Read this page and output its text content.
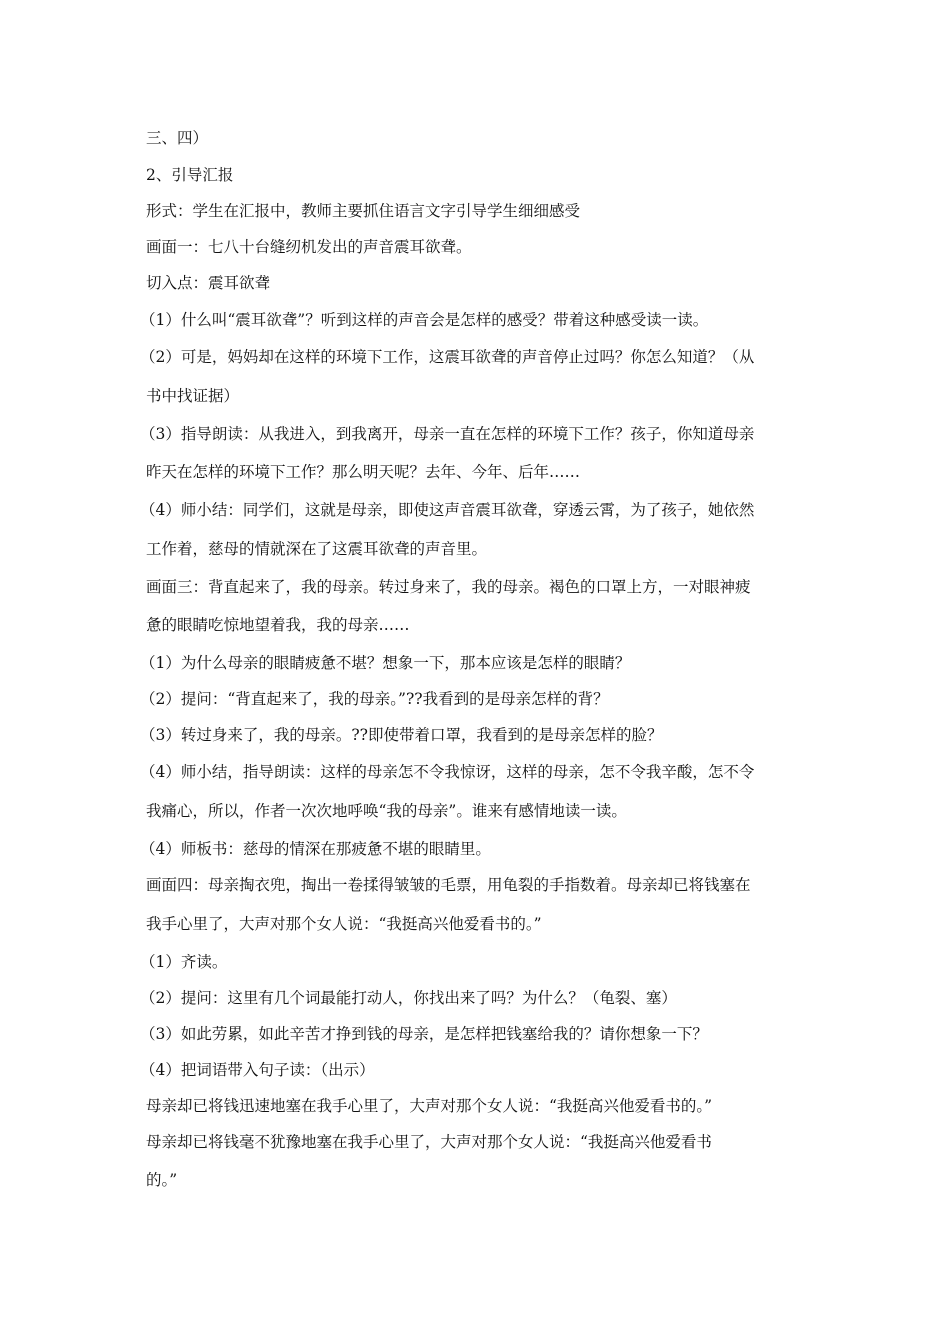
三、四）
2、引导汇报
形式：学生在汇报中，教师主要抓住语言文字引导学生细细感受
画面一：七八十台缝纫机发出的声音震耳欲聋。
切入点：震耳欲聋
（1）什么叫“震耳欲聋”？听到这样的声音会是怎样的感受？带着这种感受读一读。
（2）可是，妈妈却在这样的环境下工作，这震耳欲聋的声音停止过吗？你怎么知道？（从
书中找证据）
（3）指导朗读：从我进入，到我离开，母亲一直在怎样的环境下工作？孩子，你知道母亲
昨天在怎样的环境下工作？那么明天呢？去年、今年、后年……
（4）师小结：同学们，这就是母亲，即使这声音震耳欲聋，穿透云霄，为了孩子，她依然
工作着，慈母的情就深在了这震耳欲聋的声音里。
画面三：背直起来了，我的母亲。转过身来了，我的母亲。褐色的口罩上方，一对眼神疲
惫的眼睛吃惊地望着我，我的母亲……
（1）为什么母亲的眼睛疲惫不堪？想象一下，那本应该是怎样的眼睛？
（2）提问：“背直起来了，我的母亲。”??我看到的是母亲怎样的背？
（3）转过身来了，我的母亲。??即使带着口罩，我看到的是母亲怎样的脸？
（4）师小结，指导朗读：这样的母亲怎不令我惊讶，这样的母亲，怎不令我辛酸，怎不令
我痛心，所以，作者一次次地呼唤“我的母亲”。谁来有感情地读一读。
（4）师板书：慈母的情深在那疲惫不堪的眼睛里。
画面四：母亲掏衣兜，掏出一卷揉得皱皱的毛票，用龟裂的手指数着。母亲却已将钱塞在
我手心里了，大声对那个女人说：“我挺高兴他爱看书的。”
（1）齐读。
（2）提问：这里有几个词最能打动人，你找出来了吗？为什么？（龟裂、塞）
（3）如此劳累，如此辛苦才挣到钱的母亲，是怎样把钱塞给我的？请你想象一下？
（4）把词语带入句子读：（出示）
母亲却已将钱迅速地塞在我手心里了，大声对那个女人说：“我挺高兴他爱看书的。”
母亲却已将钱毫不犹豫地塞在我手心里了，大声对那个女人说：“我挺高兴他爱看书
的。”
